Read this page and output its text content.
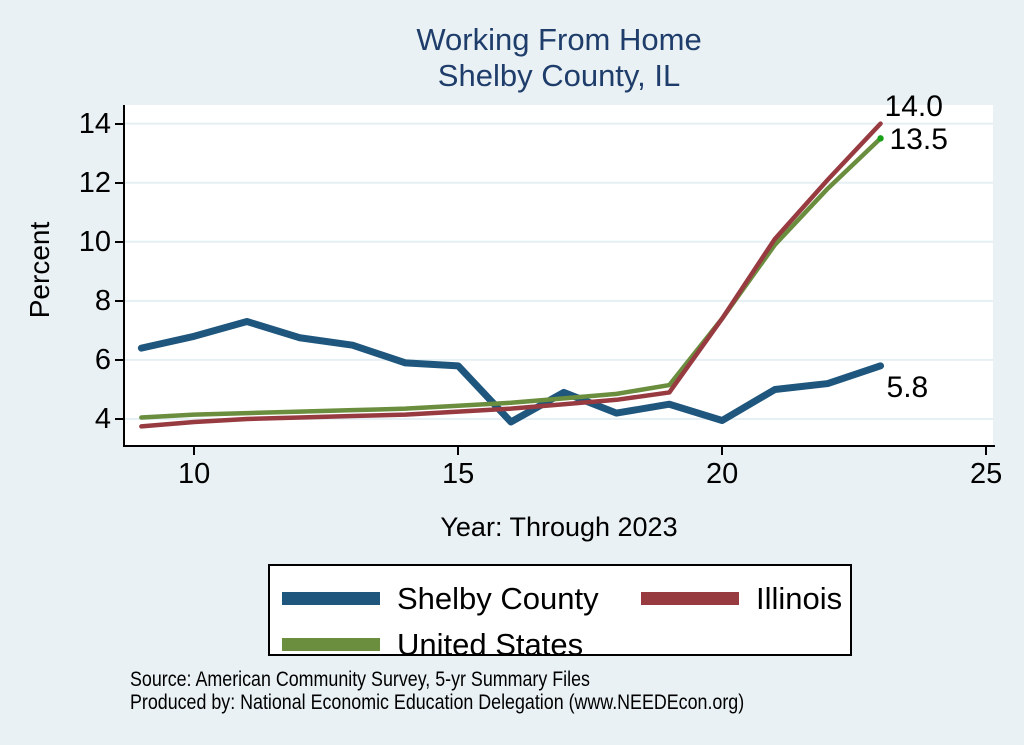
Working From Home
Shelby County, IL
Percent
14.0
13.5
5.8
4
6
8
10
12
14
10	15	20	25
Year: Through 2023
Shelby County	Illinois
United States
Source: American Community Survey, 5-yr Summary Files
Produced by: National Economic Education Delegation (www.NEEDEcon.org)
